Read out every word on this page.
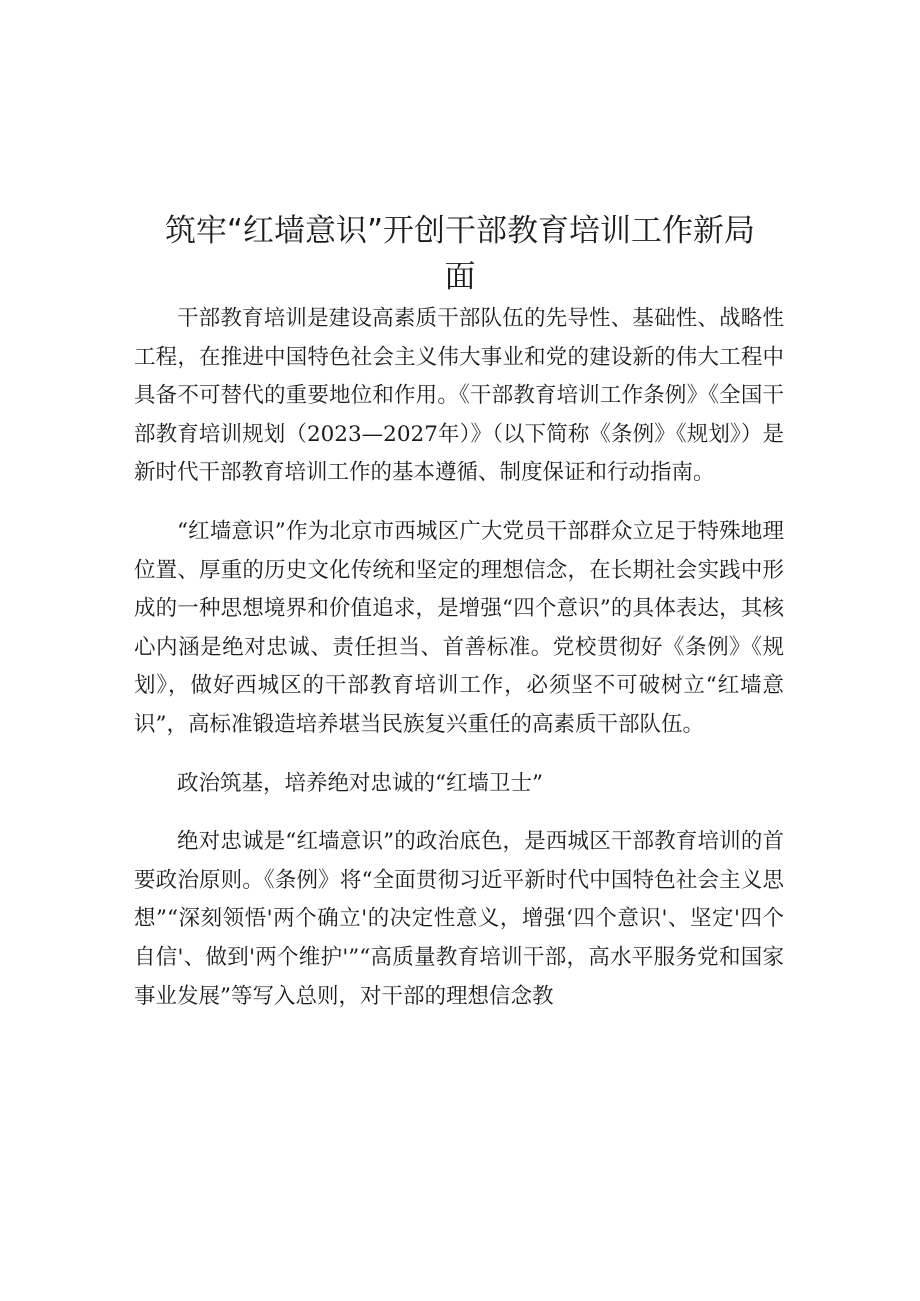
筑牢“红墙意识”开创干部教育培训工作新局面

干部教育培训是建设高素质干部队伍的先导性、基础性、战略性工程，在推进中国特色社会主义伟大事业和党的建设新的伟大工程中具备不可替代的重要地位和作用。《干部教育培训工作条例》《全国干部教育培训规划（2023—2027年）》（以下简称《条例》《规划》）是新时代干部教育培训工作的基本遵循、制度保证和行动指南。

“红墙意识”作为北京市西城区广大党员干部群众立足于特殊地理位置、厚重的历史文化传统和坚定的理想信念，在长期社会实践中形成的一种思想境界和价值追求，是增强“四个意识”的具体表达，其核心内涵是绝对忠诚、责任担当、首善标准。党校贯彻好《条例》《规划》，做好西城区的干部教育培训工作，必须坚不可破树立“红墙意识”，高标准锻造培养堪当民族复兴重任的高素质干部队伍。

政治筑基，培养绝对忠诚的“红墙卫士”

绝对忠诚是“红墙意识”的政治底色，是西城区干部教育培训的首要政治原则。《条例》将“全面贯彻习近平新时代中国特色社会主义思想”“深刻领悟'两个确立'的决定性意义，增强‘四个意识'、坚定'四个自信'、做到'两个维护'”“高质量教育培训干部，高水平服务党和国家事业发展”等写入总则，对干部的理想信念教
